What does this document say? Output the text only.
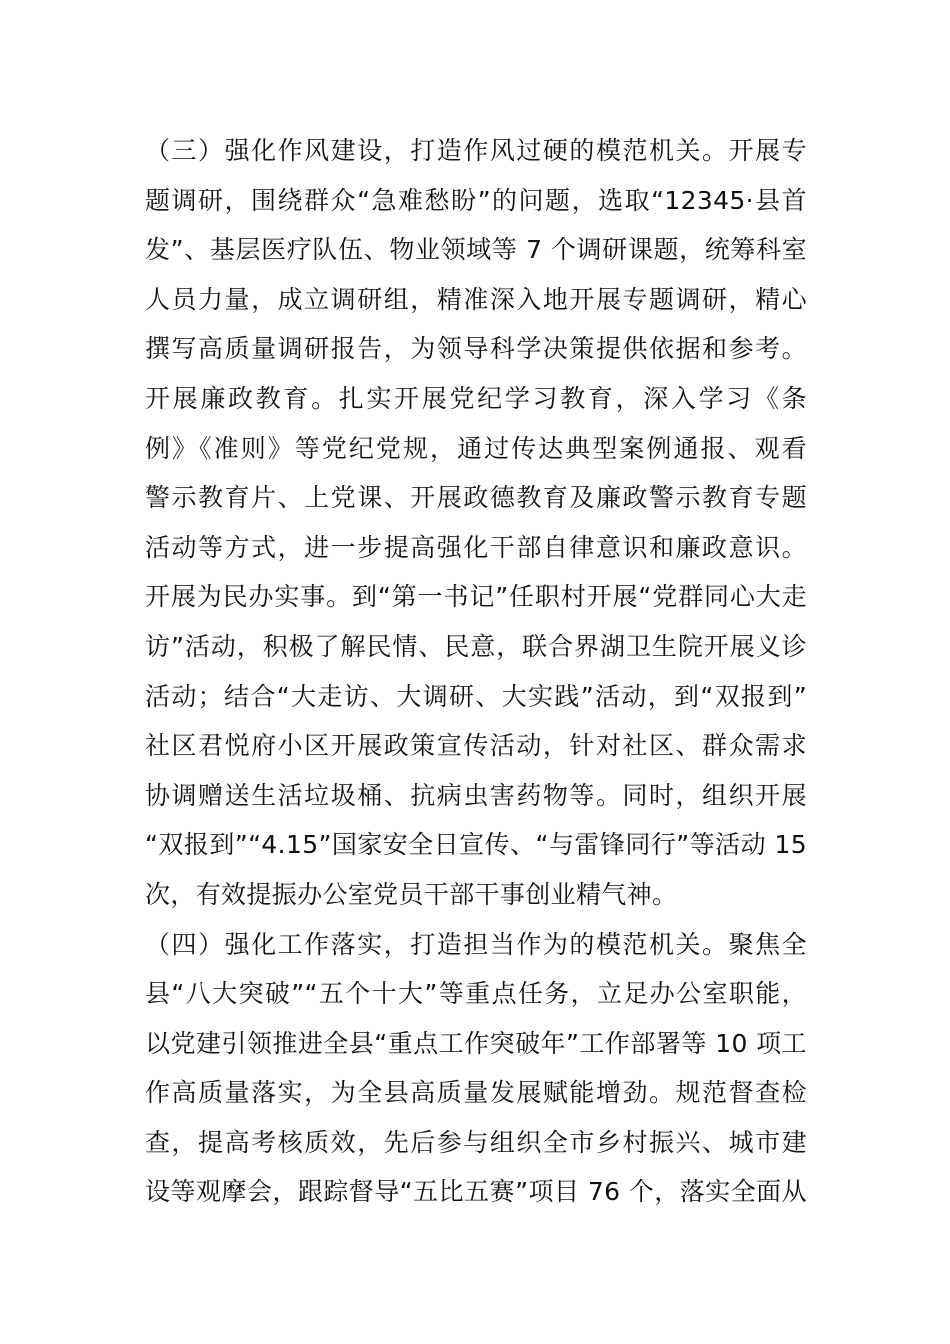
（三）强化作风建设，打造作风过硬的模范机关。开展专
题调研，围绕群众“急难愁盼”的问题，选取“12345·县首
发”、基层医疗队伍、物业领域等 7 个调研课题，统筹科室
人员力量，成立调研组，精准深入地开展专题调研，精心
撰写高质量调研报告，为领导科学决策提供依据和参考。
开展廉政教育。扎实开展党纪学习教育，深入学习《条
例》《准则》等党纪党规，通过传达典型案例通报、观看
警示教育片、上党课、开展政德教育及廉政警示教育专题
活动等方式，进一步提高强化干部自律意识和廉政意识。
开展为民办实事。到“第一书记”任职村开展“党群同心大走
访”活动，积极了解民情、民意，联合界湖卫生院开展义诊
活动；结合“大走访、大调研、大实践”活动，到“双报到”
社区君悦府小区开展政策宣传活动，针对社区、群众需求
协调赠送生活垃圾桶、抗病虫害药物等。同时，组织开展
“双报到”“4.15”国家安全日宣传、“与雷锋同行”等活动 15
次，有效提振办公室党员干部干事创业精气神。
（四）强化工作落实，打造担当作为的模范机关。聚焦全
县“八大突破”“五个十大”等重点任务，立足办公室职能，
以党建引领推进全县“重点工作突破年”工作部署等 10 项工
作高质量落实，为全县高质量发展赋能增劲。规范督查检
查，提高考核质效，先后参与组织全市乡村振兴、城市建
设等观摩会，跟踪督导“五比五赛”项目 76 个，落实全面从
